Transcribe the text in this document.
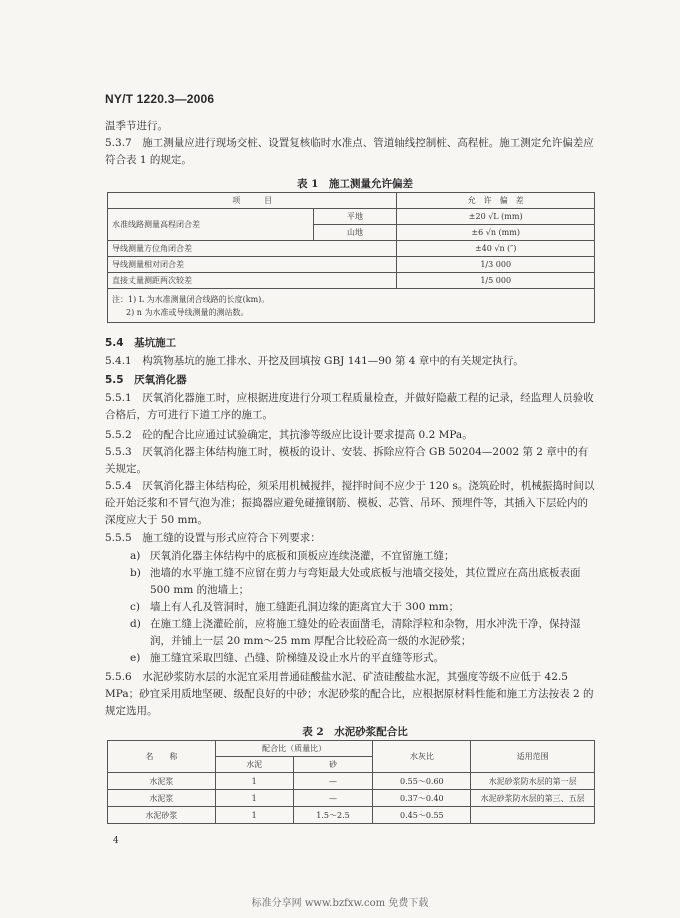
NY/T 1220.3—2006
温季节进行。
5.3.7　施工测量应进行现场交桩、设置复核临时水准点、管道轴线控制桩、高程桩。施工测定允许偏差应符合表 1 的规定。
表 1　施工测量允许偏差
项　　　目		允　许　偏　差
水准线路测量高程闭合差	平地	±20 √L (mm)
	山地	±6 √n (mm)
导线测量方位角闭合差		±40 √n (″)
导线测量相对闭合差		1/3 000
直接丈量测距两次较差		1/5 000

注：1) L 为水准测量闭合线路的长度(km)。
2) n 为水准或导线测量的测站数。		
5.4　基坑施工
5.4.1　构筑物基坑的施工排水、开挖及回填按 GBJ 141—90 第 4 章中的有关规定执行。
5.5　厌氧消化器
5.5.1　厌氧消化器施工时，应根据进度进行分项工程质量检查，并做好隐蔽工程的记录，经监理人员验收合格后，方可进行下道工序的施工。
5.5.2　砼的配合比应通过试验确定，其抗渗等级应比设计要求提高 0.2 MPa。
5.5.3　厌氧消化器主体结构施工时，模板的设计、安装、拆除应符合 GB 50204—2002 第 2 章中的有关规定。
5.5.4　厌氧消化器主体结构砼，须采用机械搅拌，搅拌时间不应少于 120 s。浇筑砼时，机械振捣时间以砼开始泛浆和不冒气泡为准；振捣器应避免碰撞钢筋、模板、芯管、吊环、预埋件等，其插入下层砼内的深度应大于 50 mm。
5.5.5　施工缝的设置与形式应符合下列要求：
a) 厌氧消化器主体结构中的底板和顶板应连续浇灌，不宜留施工缝；
b) 池墙的水平施工缝不应留在剪力与弯矩最大处或底板与池墙交接处，其位置应在高出底板表面 500 mm 的池墙上；
c) 墙上有人孔及管洞时，施工缝距孔洞边缘的距离宜大于 300 mm；
d) 在施工缝上浇灌砼前，应将施工缝处的砼表面凿毛，清除浮粒和杂物，用水冲洗干净，保持湿润，并铺上一层 20 mm～25 mm 厚配合比较砼高一级的水泥砂浆；
e) 施工缝宜采取凹缝、凸缝、阶梯缝及设止水片的平直缝等形式。
5.5.6　水泥砂浆防水层的水泥宜采用普通硅酸盐水泥、矿渣硅酸盐水泥，其强度等级不应低于 42.5 MPa；砂宜采用质地坚硬、级配良好的中砂；水泥砂浆的配合比，应根据原材料性能和施工方法按表 2 的规定选用。
表 2　水泥砂浆配合比
名　　称	配合比（质量比）		水灰比	适用范围
	水泥	砂		
水泥浆	1	—	0.55～0.60	水泥砂浆防水层的第一层
水泥浆	1	—	0.37～0.40	水泥砂浆防水层的第三、五层
水泥砂浆	1	1.5～2.5	0.45～0.55	
4
标准分享网 www.bzfxw.com 免费下载
